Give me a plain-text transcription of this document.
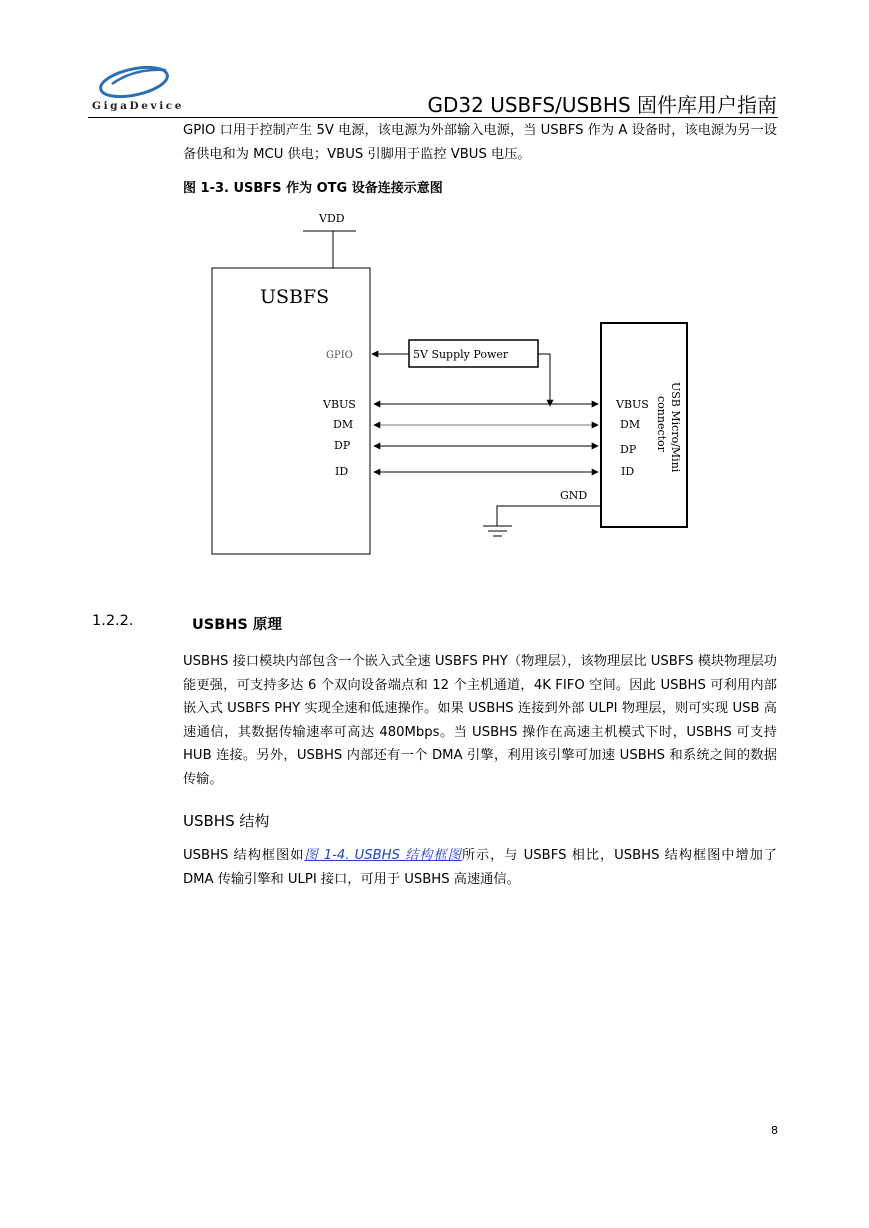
GigaDevice	GD32 USBFS/USBHS 固件库用户指南
GPIO 口用于控制产生 5V 电源，该电源为外部输入电源，当 USBFS 作为 A 设备时，该电源为另一设备供电和为 MCU 供电；VBUS 引脚用于监控 VBUS 电压。
图 1-3. USBFS 作为 OTG 设备连接示意图
VDD
USBFS
GPIO
VBUS
DM
DP
ID
5V Supply Power
VBUS
DM
DP
ID	USB Micro/Mini
connector
GND
1.2.2.	USBHS 原理
USBHS 接口模块内部包含一个嵌入式全速 USBFS PHY（物理层），该物理层比 USBFS 模块物理层功能更强，可支持多达 6 个双向设备端点和 12 个主机通道，4K FIFO 空间。因此 USBHS 可利用内部嵌入式 USBFS PHY 实现全速和低速操作。如果 USBHS 连接到外部 ULPI 物理层，则可实现 USB 高速通信，其数据传输速率可高达 480Mbps。当 USBHS 操作在高速主机模式下时，USBHS 可支持 HUB 连接。另外，USBHS 内部还有一个 DMA 引擎，利用该引擎可加速 USBHS 和系统之间的数据传输。
USBHS 结构
USBHS 结构框图如图 1-4. USBHS 结构框图所示，与 USBFS 相比，USBHS 结构框图中增加了 DMA 传输引擎和 ULPI 接口，可用于 USBHS 高速通信。
8
